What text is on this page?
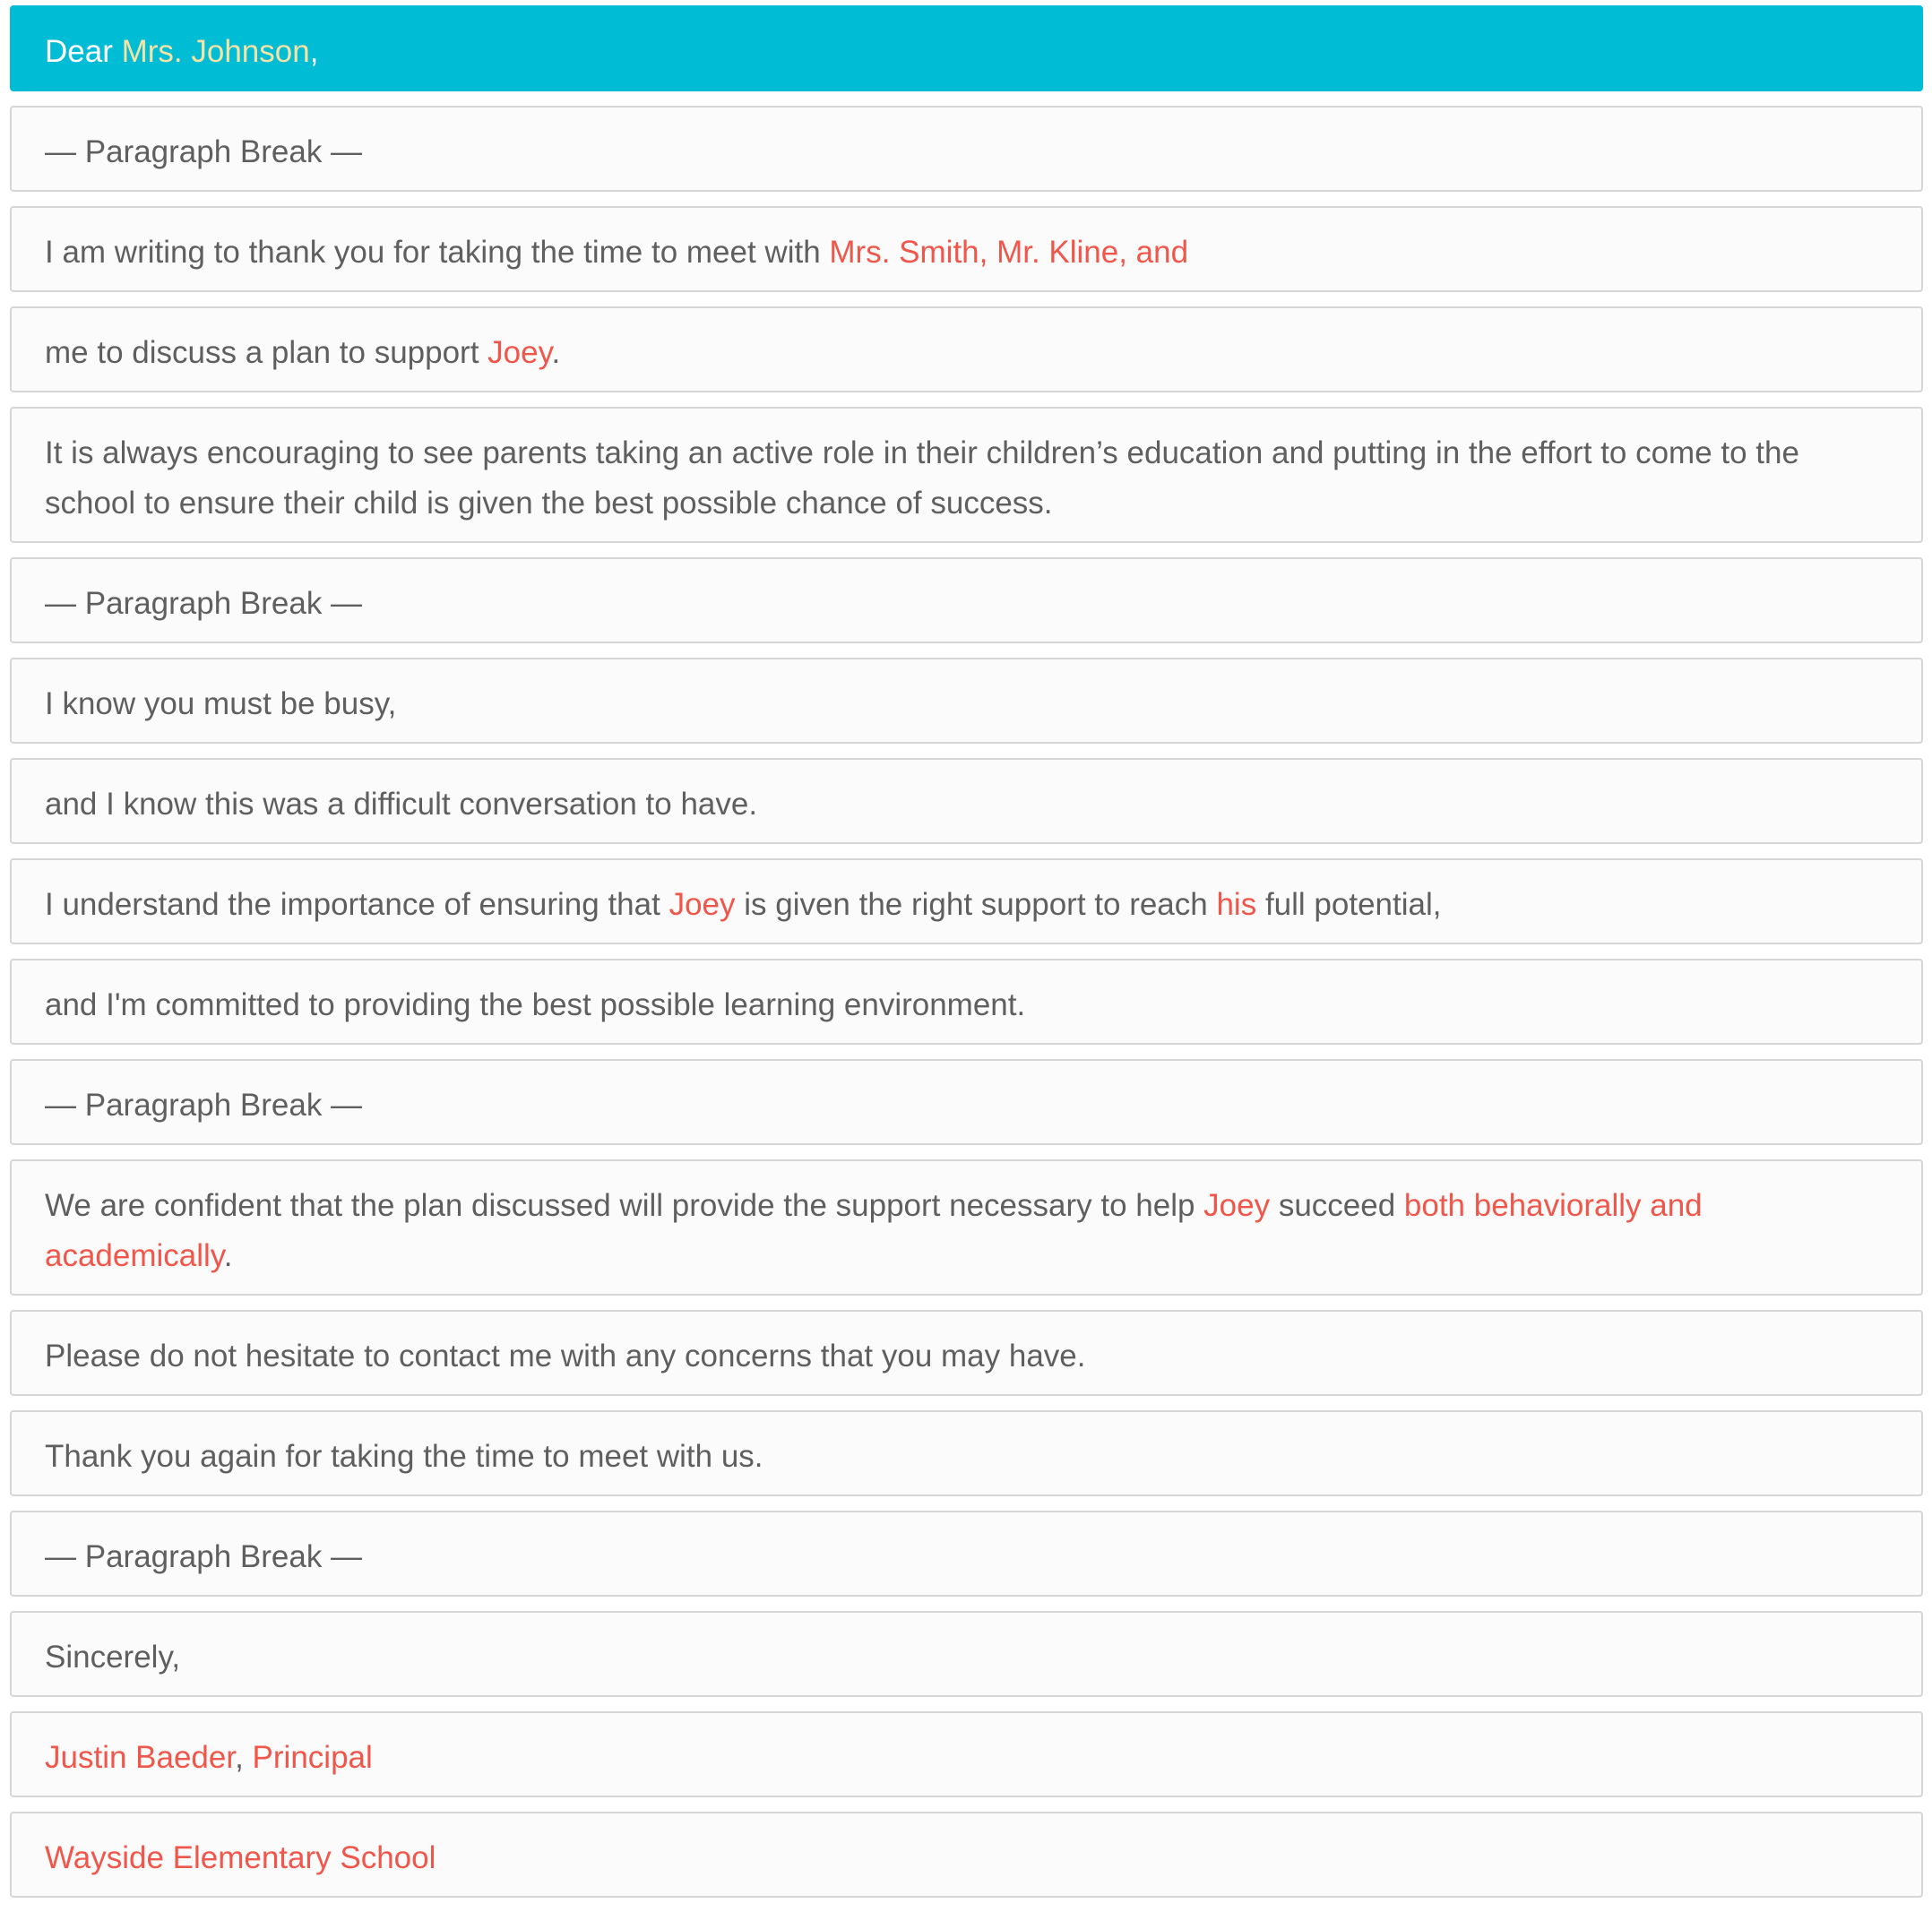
Dear Mrs. Johnson,
— Paragraph Break —
I am writing to thank you for taking the time to meet with Mrs. Smith, Mr. Kline, and
me to discuss a plan to support Joey.
It is always encouraging to see parents taking an active role in their children’s education and putting in the effort to come to the school to ensure their child is given the best possible chance of success.
— Paragraph Break —
I know you must be busy,
and I know this was a difficult conversation to have.
I understand the importance of ensuring that Joey is given the right support to reach his full potential,
and I'm committed to providing the best possible learning environment.
— Paragraph Break —
We are confident that the plan discussed will provide the support necessary to help Joey succeed both behaviorally and academically.
Please do not hesitate to contact me with any concerns that you may have.
Thank you again for taking the time to meet with us.
— Paragraph Break —
Sincerely,
Justin Baeder, Principal
Wayside Elementary School
